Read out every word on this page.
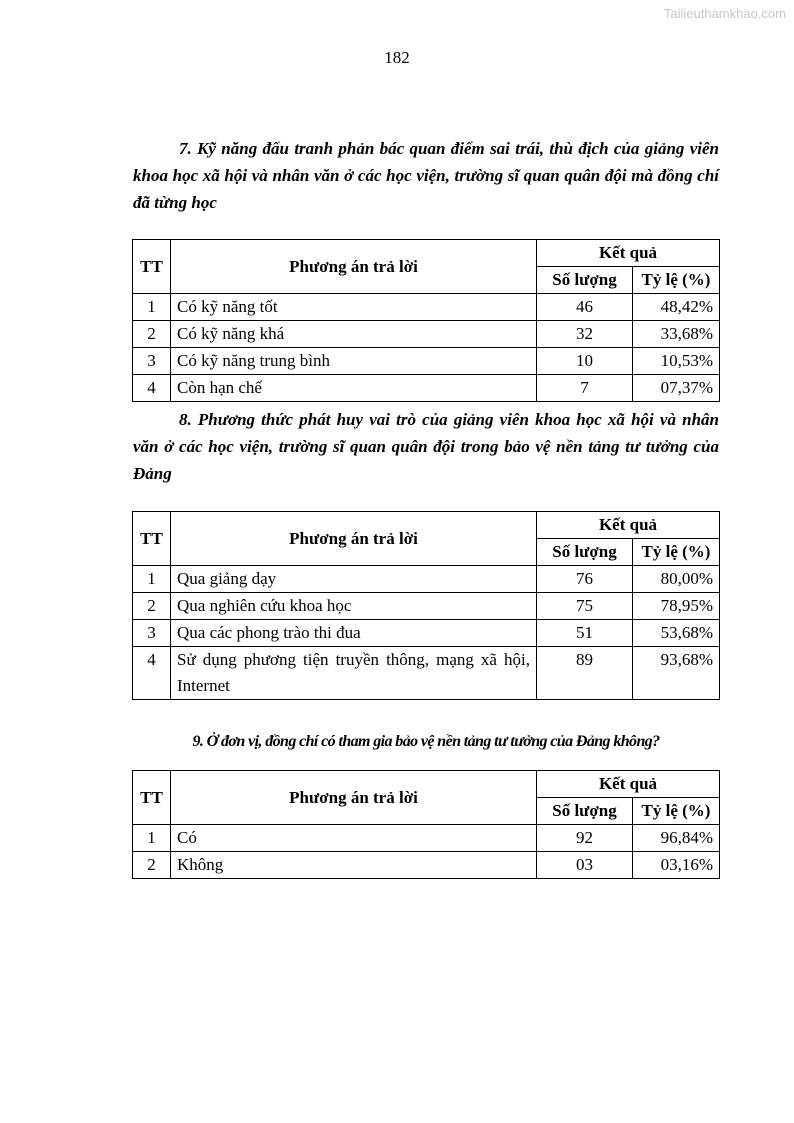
Tailieuthamkhao.com
182
7. Kỹ năng đấu tranh phản bác quan điểm sai trái, thù địch của giảng viên khoa học xã hội và nhân văn ở các học viện, trường sĩ quan quân đội mà đồng chí đã từng học
TT	Phương án trả lời	Kết quả	
		Số lượng	Tỷ lệ (%)
1	Có kỹ năng tốt	46	48,42%
2	Có kỹ năng khá	32	33,68%
3	Có kỹ năng trung bình	10	10,53%
4	Còn hạn chế	7	07,37%
8. Phương thức phát huy vai trò của giảng viên khoa học xã hội và nhân văn ở các học viện, trường sĩ quan quân đội trong bảo vệ nền tảng tư tưởng của Đảng
TT	Phương án trả lời	Kết quả	
		Số lượng	Tỷ lệ (%)
1	Qua giảng dạy	76	80,00%
2	Qua nghiên cứu khoa học	75	78,95%
3	Qua các phong trào thi đua	51	53,68%
4	Sử dụng phương tiện truyền thông, mạng xã hội, Internet	89	93,68%
9. Ở đơn vị, đồng chí có tham gia bảo vệ nền tảng tư tưởng của Đảng không?
TT	Phương án trả lời	Kết quả	
		Số lượng	Tỷ lệ (%)
1	Có	92	96,84%
2	Không	03	03,16%
